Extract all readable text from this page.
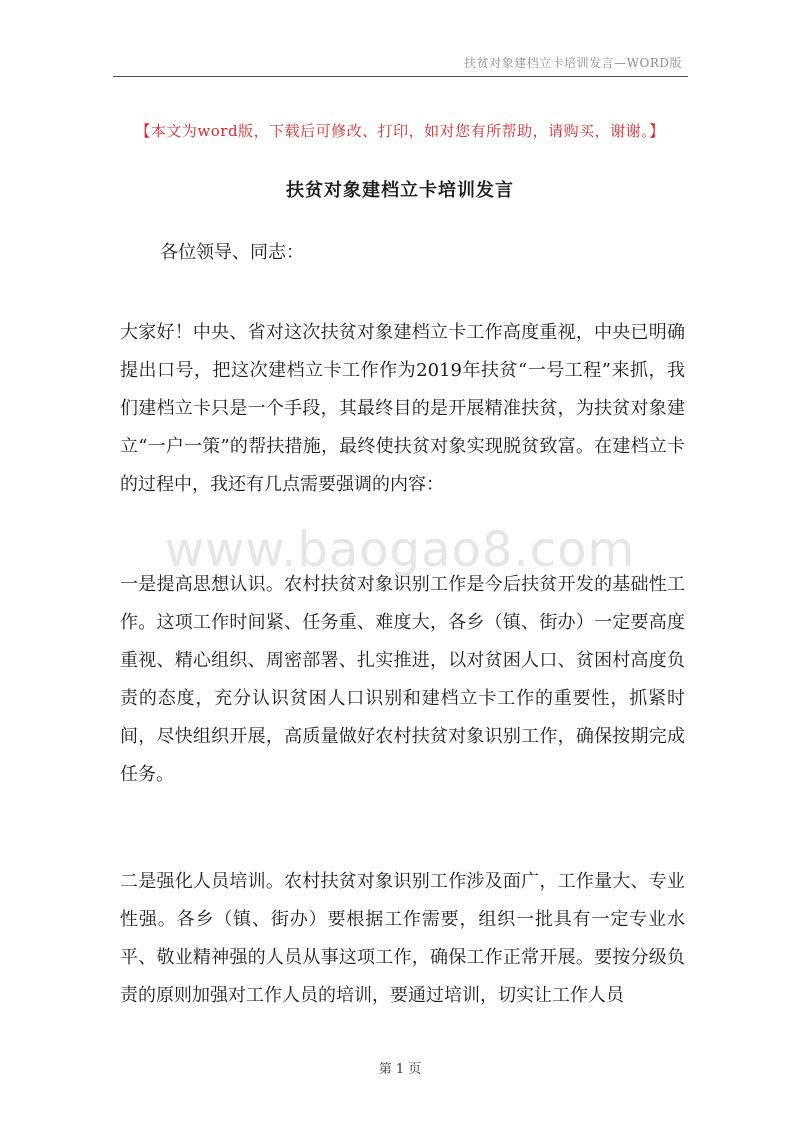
扶贫对象建档立卡培训发言—WORD版
【本文为word版，下载后可修改、打印，如对您有所帮助，请购买，谢谢。】
扶贫对象建档立卡培训发言
各位领导、同志：

大家好！中央、省对这次扶贫对象建档立卡工作高度重视，中央已明确提出口号，把这次建档立卡工作作为2019年扶贫“一号工程”来抓，我们建档立卡只是一个手段，其最终目的是开展精准扶贫，为扶贫对象建立“一户一策”的帮扶措施，最终使扶贫对象实现脱贫致富。在建档立卡的过程中，我还有几点需要强调的内容：

www.baogao8.com

一是提高思想认识。农村扶贫对象识别工作是今后扶贫开发的基础性工作。这项工作时间紧、任务重、难度大，各乡（镇、街办）一定要高度重视、精心组织、周密部署、扎实推进，以对贫困人口、贫困村高度负责的态度，充分认识贫困人口识别和建档立卡工作的重要性，抓紧时间，尽快组织开展，高质量做好农村扶贫对象识别工作，确保按期完成任务。

二是强化人员培训。农村扶贫对象识别工作涉及面广，工作量大、专业性强。各乡（镇、街办）要根据工作需要，组织一批具有一定专业水平、敬业精神强的人员从事这项工作，确保工作正常开展。要按分级负责的原则加强对工作人员的培训，要通过培训，切实让工作人员

第 1 页
